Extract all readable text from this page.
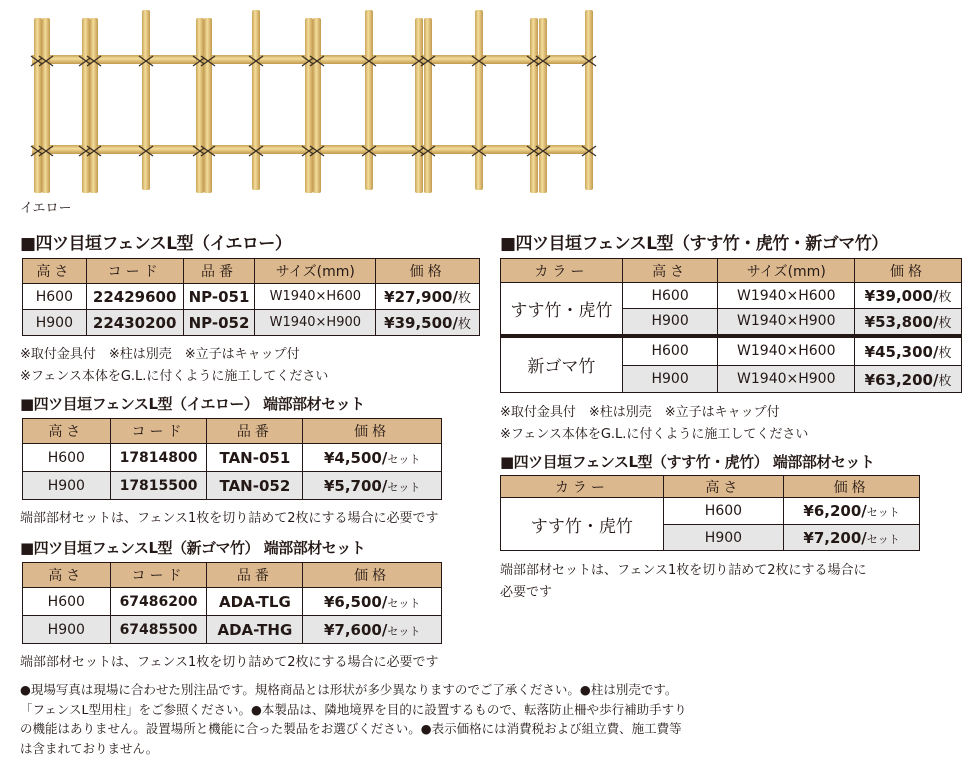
イエロー
■四ツ目垣フェンスL型（イエロー）
高さ	コード	品番	サイズ(mm)	価格
H600	22429600	NP-051	W1940×H600	¥27,900/枚
H900	22430200	NP-052	W1940×H900	¥39,500/枚
※取付金具付　※柱は別売　※立子はキャップ付
※フェンス本体をG.L.に付くように施工してください
■四ツ目垣フェンスL型（イエロー） 端部部材セット
高さ	コード	品番	価格
H600	17814800	TAN-051	¥4,500/セット
H900	17815500	TAN-052	¥5,700/セット
端部部材セットは、フェンス1枚を切り詰めて2枚にする場合に必要です
■四ツ目垣フェンスL型（新ゴマ竹） 端部部材セット
高さ	コード	品番	価格
H600	67486200	ADA-TLG	¥6,500/セット
H900	67485500	ADA-THG	¥7,600/セット
端部部材セットは、フェンス1枚を切り詰めて2枚にする場合に必要です
■四ツ目垣フェンスL型（すす竹・虎竹・新ゴマ竹）
カラー	高さ	サイズ(mm)	価格
すす竹・虎竹	H600	W1940×H600	¥39,000/枚
	H900	W1940×H900	¥53,800/枚
新ゴマ竹	H600	W1940×H600	¥45,300/枚
	H900	W1940×H900	¥63,200/枚
※取付金具付　※柱は別売　※立子はキャップ付
※フェンス本体をG.L.に付くように施工してください
■四ツ目垣フェンスL型（すす竹・虎竹） 端部部材セット
カラー	高さ	価格
すす竹・虎竹	H600	¥6,200/セット
	H900	¥7,200/セット
端部部材セットは、フェンス1枚を切り詰めて2枚にする場合に
必要です
●現場写真は現場に合わせた別注品です。規格商品とは形状が多少異なりますのでご了承ください。●柱は別売です。
「フェンスL型用柱」をご参照ください。●本製品は、隣地境界を目的に設置するもので、転落防止柵や歩行補助手すり
の機能はありません。設置場所と機能に合った製品をお選びください。●表示価格には消費税および組立費、施工費等
は含まれておりません。
